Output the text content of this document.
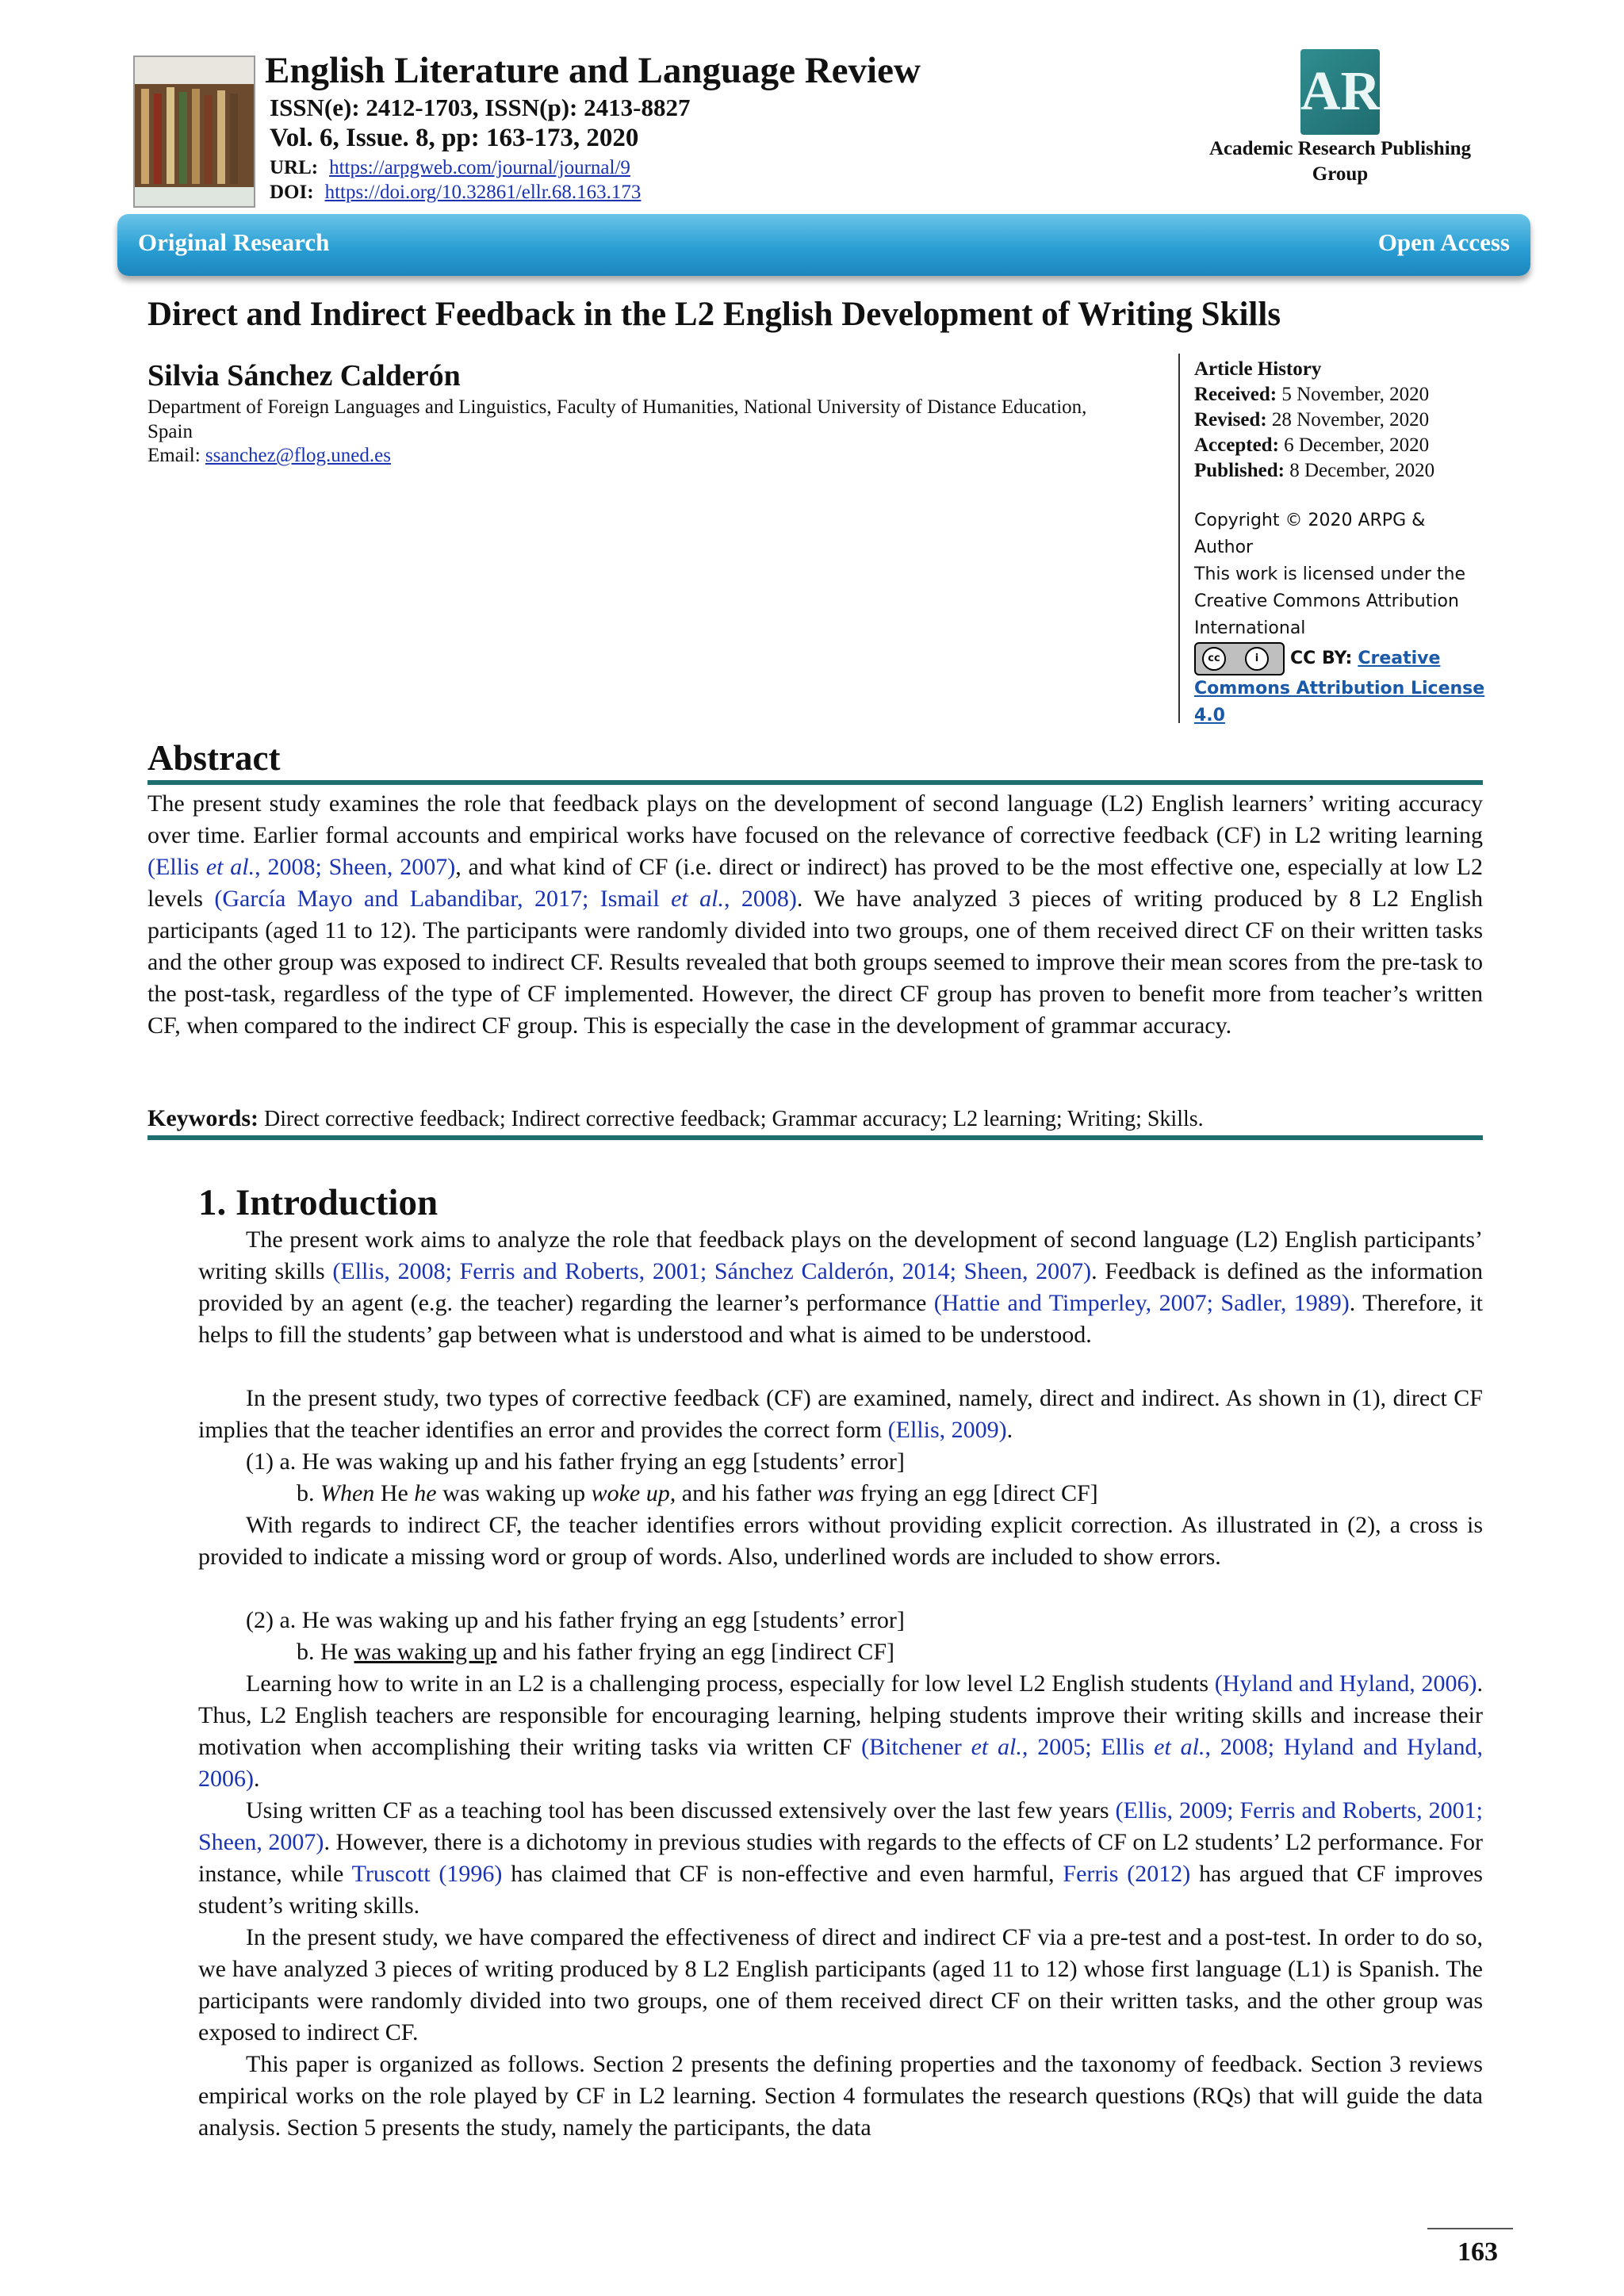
English Literature and Language Review
ISSN(e): 2412-1703, ISSN(p): 2413-8827
Vol. 6, Issue. 8, pp: 163-173, 2020
URL: https://arpgweb.com/journal/journal/9
DOI: https://doi.org/10.32861/ellr.68.163.173
AR
Academic Research Publishing
Group
Original Research	Open Access
Direct and Indirect Feedback in the L2 English Development of Writing Skills
Silvia Sánchez Calderón
Department of Foreign Languages and Linguistics, Faculty of Humanities, National University of Distance Education, Spain
Email: ssanchez@flog.uned.es
Article History
Received: 5 November, 2020
Revised: 28 November, 2020
Accepted: 6 December, 2020
Published: 8 December, 2020
Copyright © 2020 ARPG &
Author
This work is licensed under the
Creative Commons Attribution
International
cc	i	CC BY: Creative
Commons Attribution License
4.0
Abstract
The present study examines the role that feedback plays on the development of second language (L2) English learners’ writing accuracy over time. Earlier formal accounts and empirical works have focused on the relevance of corrective feedback (CF) in L2 writing learning (Ellis et al., 2008; Sheen, 2007), and what kind of CF (i.e. direct or indirect) has proved to be the most effective one, especially at low L2 levels (García Mayo and Labandibar, 2017; Ismail et al., 2008). We have analyzed 3 pieces of writing produced by 8 L2 English participants (aged 11 to 12). The participants were randomly divided into two groups, one of them received direct CF on their written tasks and the other group was exposed to indirect CF. Results revealed that both groups seemed to improve their mean scores from the pre-task to the post-task, regardless of the type of CF implemented. However, the direct CF group has proven to benefit more from teacher’s written CF, when compared to the indirect CF group. This is especially the case in the development of grammar accuracy.
Keywords: Direct corrective feedback; Indirect corrective feedback; Grammar accuracy; L2 learning; Writing; Skills.
1. Introduction
The present work aims to analyze the role that feedback plays on the development of second language (L2) English participants’ writing skills (Ellis, 2008; Ferris and Roberts, 2001; Sánchez Calderón, 2014; Sheen, 2007). Feedback is defined as the information provided by an agent (e.g. the teacher) regarding the learner’s performance (Hattie and Timperley, 2007; Sadler, 1989). Therefore, it helps to fill the students’ gap between what is understood and what is aimed to be understood.
In the present study, two types of corrective feedback (CF) are examined, namely, direct and indirect. As shown in (1), direct CF implies that the teacher identifies an error and provides the correct form (Ellis, 2009).
(1) a. He was waking up and his father frying an egg [students’ error]
b. When He he was waking up woke up, and his father was frying an egg [direct CF]
With regards to indirect CF, the teacher identifies errors without providing explicit correction. As illustrated in (2), a cross is provided to indicate a missing word or group of words. Also, underlined words are included to show errors.
(2) a. He was waking up and his father frying an egg [students’ error]
b. He was waking up and his father frying an egg [indirect CF]
Learning how to write in an L2 is a challenging process, especially for low level L2 English students (Hyland and Hyland, 2006). Thus, L2 English teachers are responsible for encouraging learning, helping students improve their writing skills and increase their motivation when accomplishing their writing tasks via written CF (Bitchener et al., 2005; Ellis et al., 2008; Hyland and Hyland, 2006).
Using written CF as a teaching tool has been discussed extensively over the last few years (Ellis, 2009; Ferris and Roberts, 2001; Sheen, 2007). However, there is a dichotomy in previous studies with regards to the effects of CF on L2 students’ L2 performance. For instance, while Truscott (1996) has claimed that CF is non-effective and even harmful, Ferris (2012) has argued that CF improves student’s writing skills.
In the present study, we have compared the effectiveness of direct and indirect CF via a pre-test and a post-test. In order to do so, we have analyzed 3 pieces of writing produced by 8 L2 English participants (aged 11 to 12) whose first language (L1) is Spanish. The participants were randomly divided into two groups, one of them received direct CF on their written tasks, and the other group was exposed to indirect CF.
This paper is organized as follows. Section 2 presents the defining properties and the taxonomy of feedback. Section 3 reviews empirical works on the role played by CF in L2 learning. Section 4 formulates the research questions (RQs) that will guide the data analysis. Section 5 presents the study, namely the participants, the data
163
